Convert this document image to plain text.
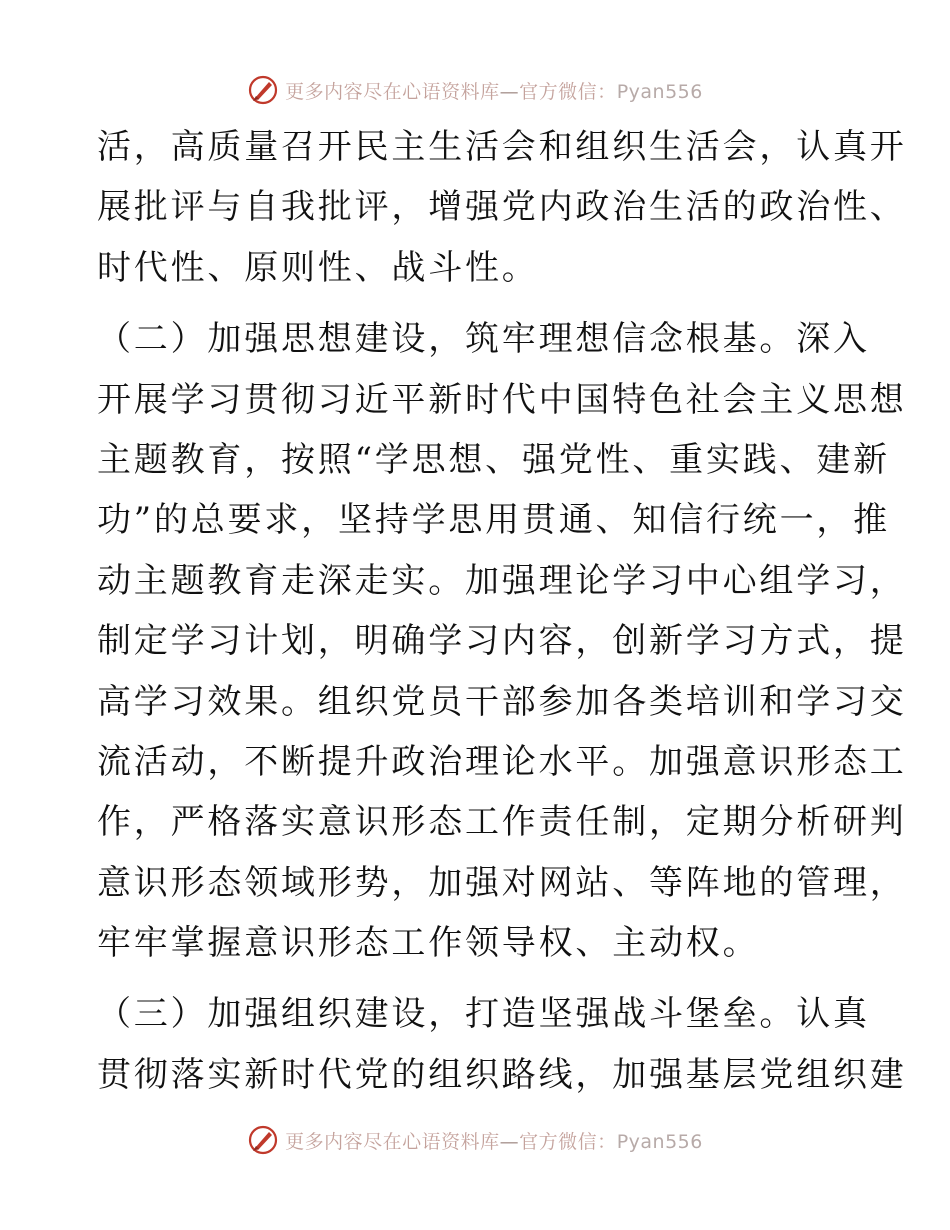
更多内容尽在心语资料库—官方微信：Pyan556
活，高质量召开民主生活会和组织生活会，认真开
展批评与自我批评，增强党内政治生活的政治性、
时代性、原则性、战斗性。
（二）加强思想建设，筑牢理想信念根基。深入
开展学习贯彻习近平新时代中国特色社会主义思想
主题教育，按照“学思想、强党性、重实践、建新
功”的总要求，坚持学思用贯通、知信行统一，推
动主题教育走深走实。加强理论学习中心组学习，
制定学习计划，明确学习内容，创新学习方式，提
高学习效果。组织党员干部参加各类培训和学习交
流活动，不断提升政治理论水平。加强意识形态工
作，严格落实意识形态工作责任制，定期分析研判
意识形态领域形势，加强对网站、等阵地的管理，
牢牢掌握意识形态工作领导权、主动权。
（三）加强组织建设，打造坚强战斗堡垒。认真
贯彻落实新时代党的组织路线，加强基层党组织建
更多内容尽在心语资料库—官方微信：Pyan556
